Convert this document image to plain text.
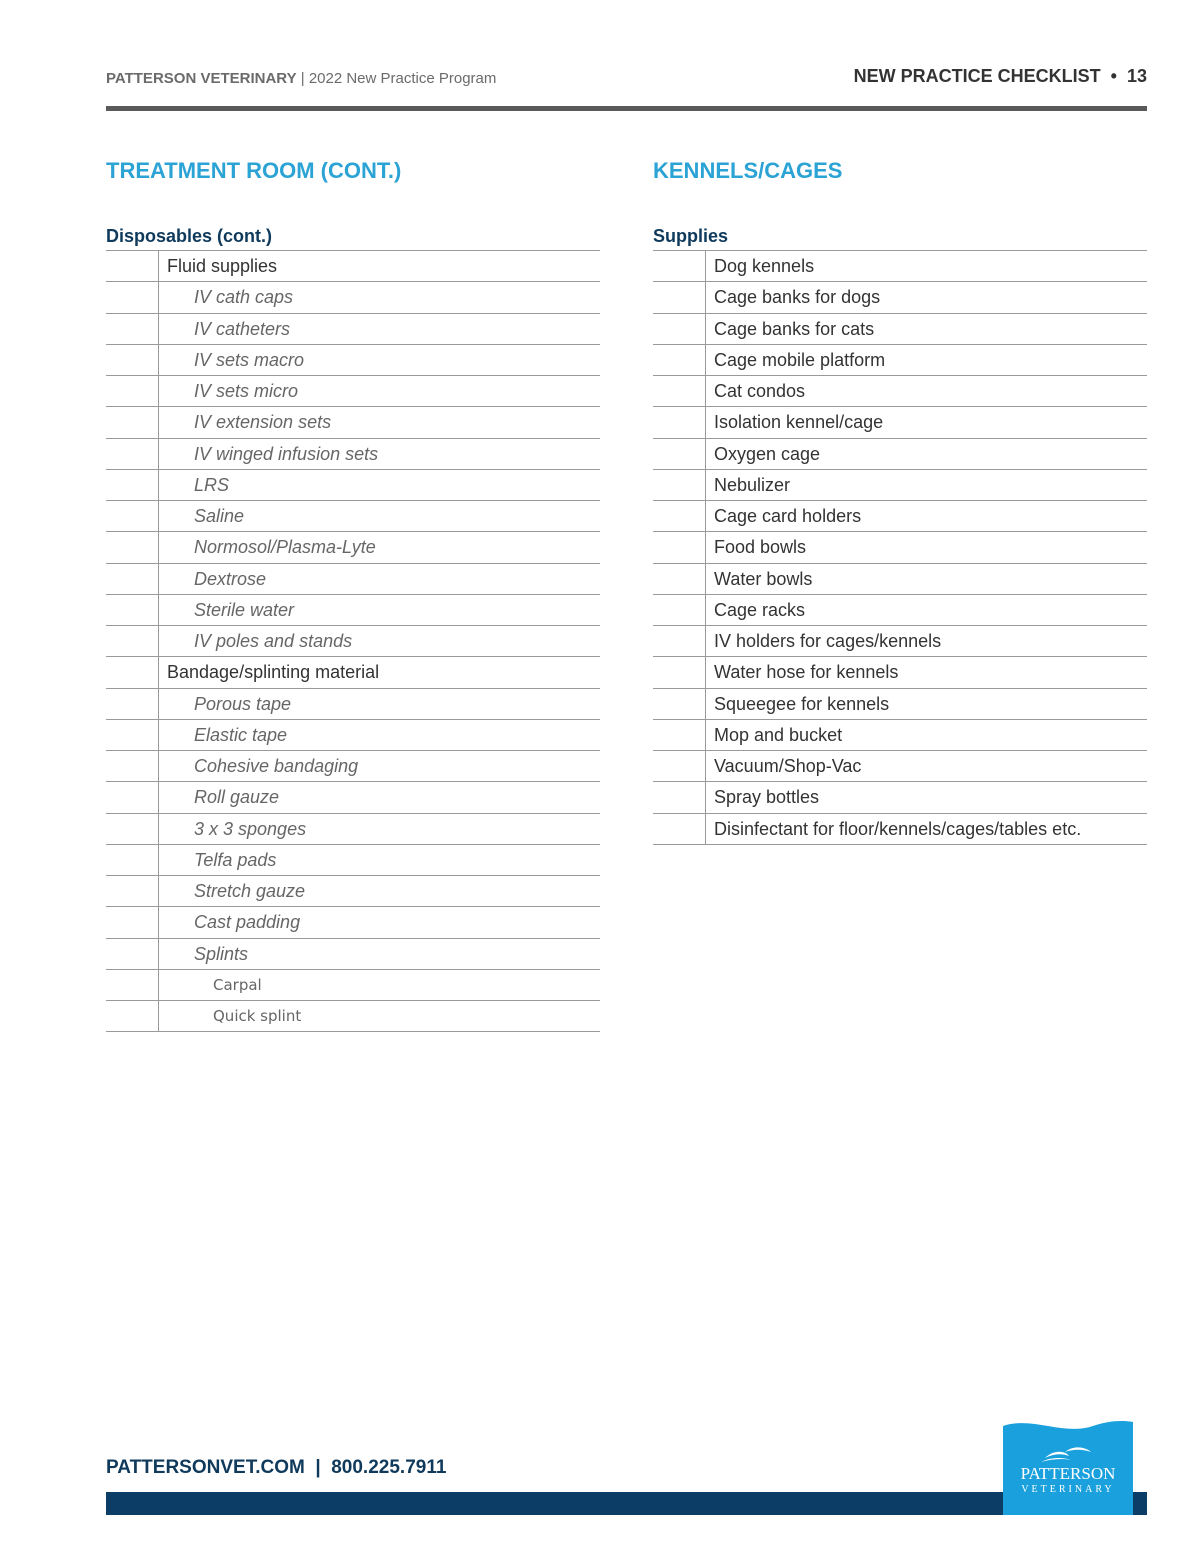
PATTERSON VETERINARY | 2022 New Practice Program	NEW PRACTICE CHECKLIST  •  13
TREATMENT ROOM (CONT.)
Disposables (cont.)
Fluid supplies
IV cath caps
IV catheters
IV sets macro
IV sets micro
IV extension sets
IV winged infusion sets
LRS
Saline
Normosol/Plasma-Lyte
Dextrose
Sterile water
IV poles and stands
Bandage/splinting material
Porous tape
Elastic tape
Cohesive bandaging
Roll gauze
3 x 3 sponges
Telfa pads
Stretch gauze
Cast padding
Splints
Carpal
Quick splint
KENNELS/CAGES
Supplies
Dog kennels
Cage banks for dogs
Cage banks for cats
Cage mobile platform
Cat condos
Isolation kennel/cage
Oxygen cage
Nebulizer
Cage card holders
Food bowls
Water bowls
Cage racks
IV holders for cages/kennels
Water hose for kennels
Squeegee for kennels
Mop and bucket
Vacuum/Shop-Vac
Spray bottles
Disinfectant for floor/kennels/cages/tables etc.
PATTERSONVET.COM  |  800.225.7911	PATTERSON
VETERINARY
